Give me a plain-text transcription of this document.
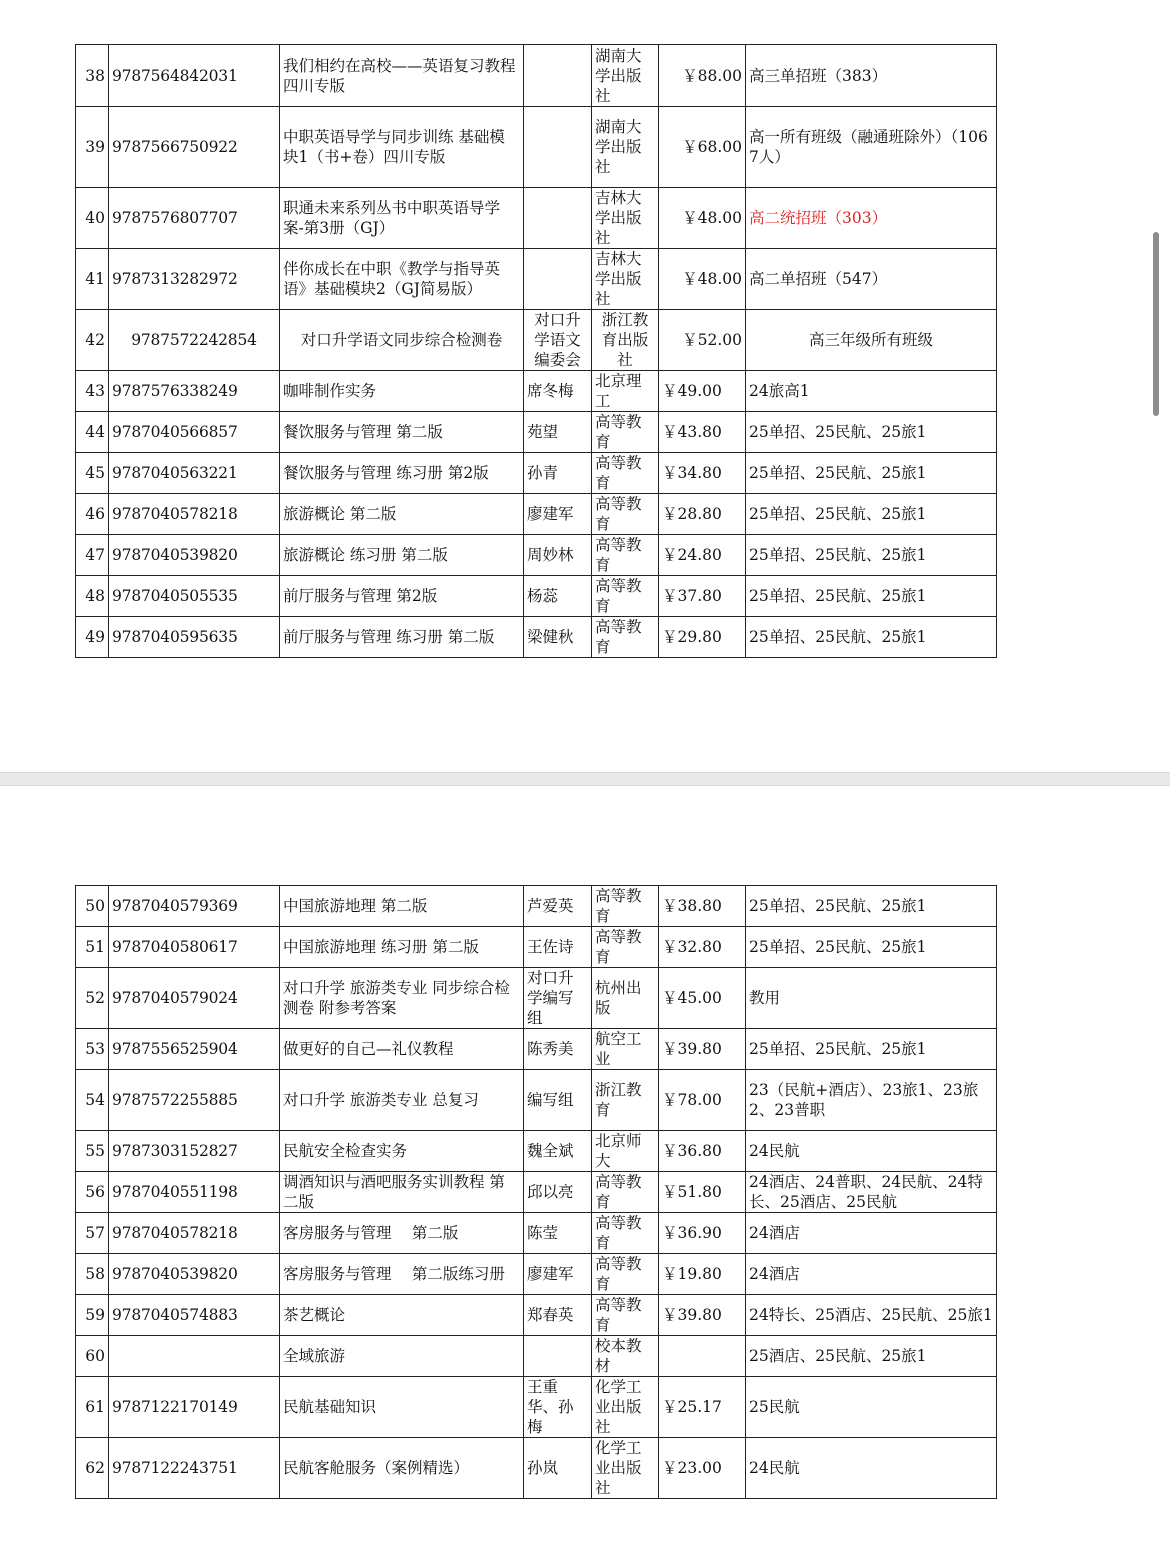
38	9787564842031	我们相约在高校——英语复习教程四川专版		湖南大学出版社	￥88.00	高三单招班（383）
39	9787566750922	中职英语导学与同步训练 基础模块1（书+卷）四川专版		湖南大学出版社	￥68.00	高一所有班级（融通班除外）（1067人）
40	9787576807707	职通未来系列丛书中职英语导学案-第3册（GJ）		吉林大学出版社	￥48.00	高二统招班（303）
41	9787313282972	伴你成长在中职《教学与指导英语》基础模块2（GJ简易版）		吉林大学出版社	￥48.00	高二单招班（547）
42	9787572242854	对口升学语文同步综合检测卷	对口升学语文编委会	浙江教育出版社	￥52.00	高三年级所有班级
43	9787576338249	咖啡制作实务	席冬梅	北京理工	￥49.00	24旅高1
44	9787040566857	餐饮服务与管理 第二版	苑望	高等教育	￥43.80	25单招、25民航、25旅1
45	9787040563221	餐饮服务与管理 练习册 第2版	孙青	高等教育	￥34.80	25单招、25民航、25旅1
46	9787040578218	旅游概论 第二版	廖建军	高等教育	￥28.80	25单招、25民航、25旅1
47	9787040539820	旅游概论 练习册 第二版	周妙林	高等教育	￥24.80	25单招、25民航、25旅1
48	9787040505535	前厅服务与管理 第2版	杨蕊	高等教育	￥37.80	25单招、25民航、25旅1
49	9787040595635	前厅服务与管理 练习册 第二版	梁健秋	高等教育	￥29.80	25单招、25民航、25旅1
50	9787040579369	中国旅游地理 第二版	芦爱英	高等教育	￥38.80	25单招、25民航、25旅1
51	9787040580617	中国旅游地理 练习册 第二版	王佐诗	高等教育	￥32.80	25单招、25民航、25旅1
52	9787040579024	对口升学 旅游类专业 同步综合检测卷 附参考答案	对口升学编写组	杭州出版	￥45.00	教用
53	9787556525904	做更好的自己—礼仪教程	陈秀美	航空工业	￥39.80	25单招、25民航、25旅1
54	9787572255885	对口升学 旅游类专业 总复习	编写组	浙江教育	￥78.00	23（民航+酒店）、23旅1、23旅2、23普职
55	9787303152827	民航安全检查实务	魏全斌	北京师大	￥36.80	24民航
56	9787040551198	调酒知识与酒吧服务实训教程 第二版	邱以亮	高等教育	￥51.80	24酒店、24普职、24民航、24特长、25酒店、25民航
57	9787040578218	客房服务与管理　 第二版	陈莹	高等教育	￥36.90	24酒店
58	9787040539820	客房服务与管理　 第二版练习册	廖建军	高等教育	￥19.80	24酒店
59	9787040574883	茶艺概论	郑春英	高等教育	￥39.80	24特长、25酒店、25民航、25旅1
60		全域旅游		校本教材		25酒店、25民航、25旅1
61	9787122170149	民航基础知识	王重华、孙梅	化学工业出版社	￥25.17	25民航
62	9787122243751	民航客舱服务（案例精选）	孙岚	化学工业出版社	￥23.00	24民航
